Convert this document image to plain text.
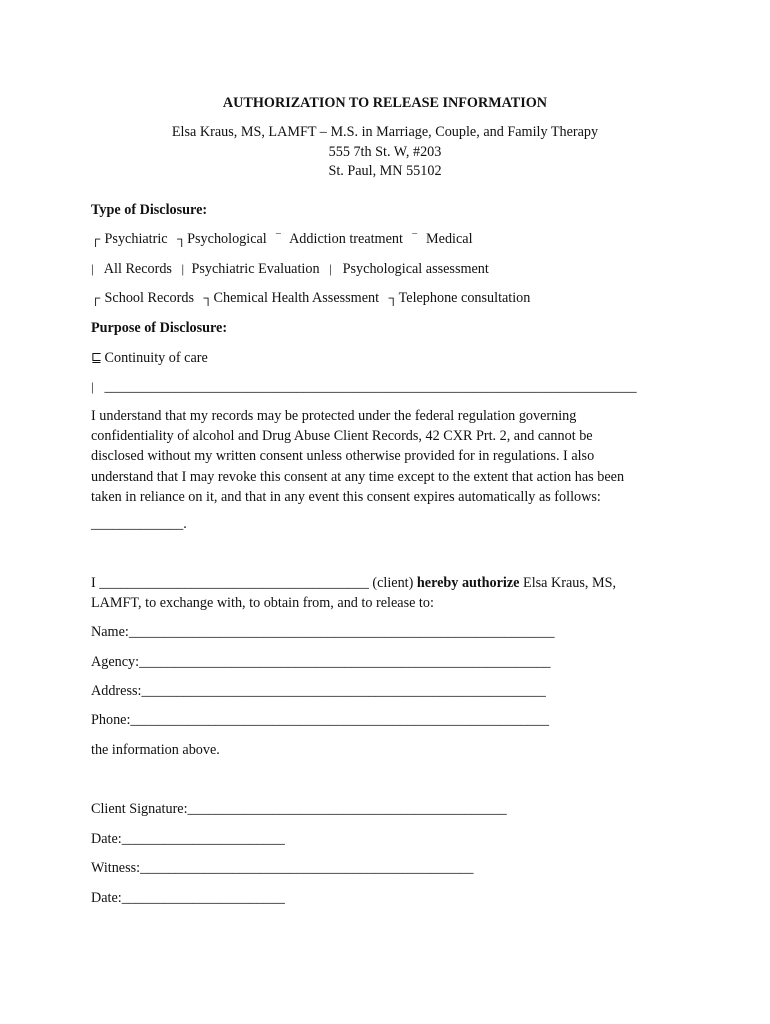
AUTHORIZATION TO RELEASE INFORMATION
Elsa Kraus, MS, LAMFT – M.S. in Marriage, Couple, and Family Therapy
555 7th St. W, #203
St. Paul, MN 55102
Type of Disclosure:
┌ Psychiatric ┐Psychological ‾ Addiction treatment ‾ Medical
| All Records | Psychiatric Evaluation | Psychological assessment
┌ School Records ┐Chemical Health Assessment ┐Telephone consultation
Purpose of Disclosure:
⊑ Continuity of care
| ___________________________________________________________________________
I understand that my records may be protected under the federal regulation governing
confidentiality of alcohol and Drug Abuse Client Records, 42 CXR Prt. 2, and cannot be
disclosed without my written consent unless otherwise provided for in regulations. I also
understand that I may revoke this consent at any time except to the extent that action has been
taken in reliance on it, and that in any event this consent expires automatically as follows:
_____________.
I ______________________________________ (client) hereby authorize Elsa Kraus, MS,
LAMFT, to exchange with, to obtain from, and to release to:
Name:____________________________________________________________
Agency:__________________________________________________________
Address:_________________________________________________________
Phone:___________________________________________________________
the information above.
Client Signature:_____________________________________________
Date:_______________________
Witness:_______________________________________________
Date:_______________________
